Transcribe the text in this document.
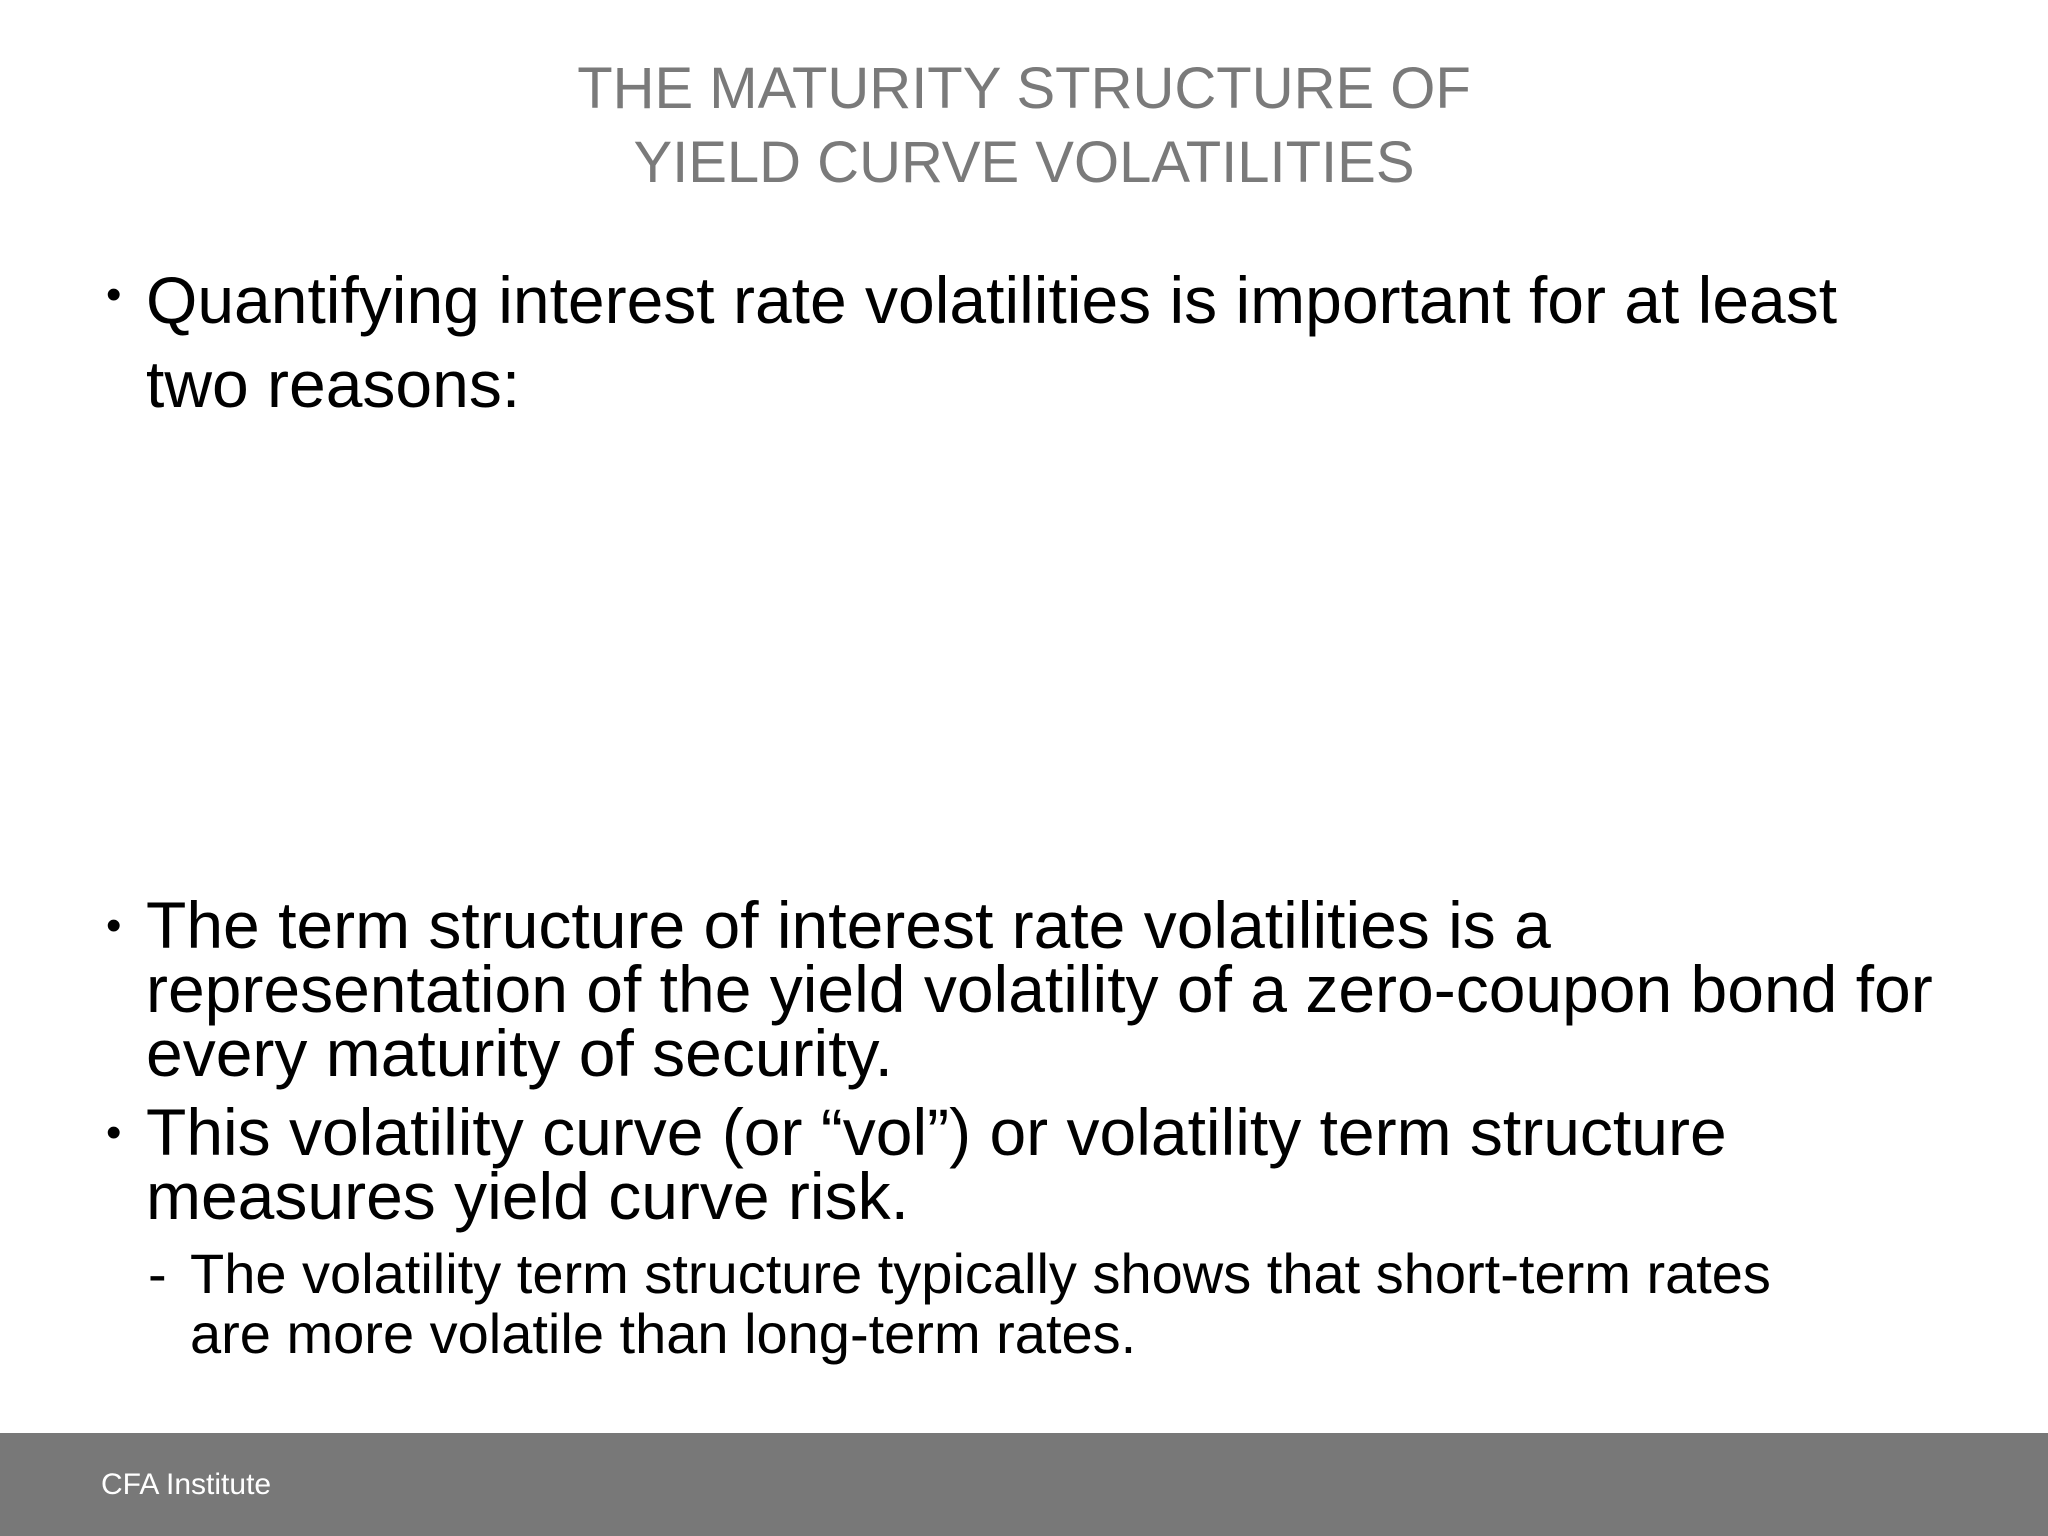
THE MATURITY STRUCTURE OF
YIELD CURVE VOLATILITIES
• Quantifying interest rate volatilities is important for at least
two reasons:
• The term structure of interest rate volatilities is a
representation of the yield volatility of a zero-coupon bond for
every maturity of security.
• This volatility curve (or “vol”) or volatility term structure
measures yield curve risk.
- The volatility term structure typically shows that short-term rates
are more volatile than long-term rates.
CFA Institute
